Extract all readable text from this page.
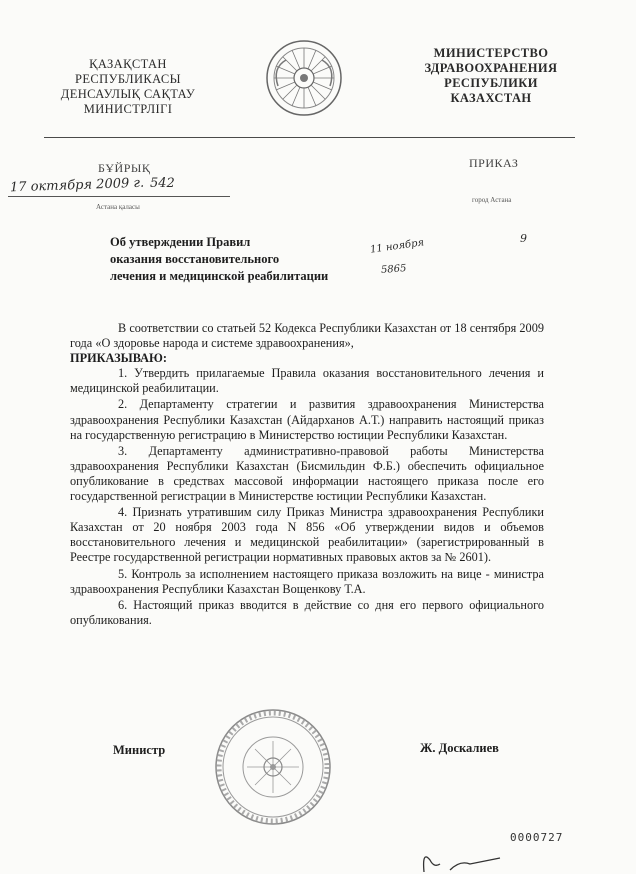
ҚАЗАҚСТАН
РЕСПУБЛИКАСЫ
ДЕНСАУЛЫҚ САҚТАУ
МИНИСТРЛІГІ
МИНИСТЕРСТВО
ЗДРАВООХРАНЕНИЯ
РЕСПУБЛИКИ
КАЗАХСТАН
БҰЙРЫҚ	ПРИКАЗ
17 октября 2009 г. 542
Астана қаласы
город Астана
Об утверждении Правил
оказания восстановительного
лечения и медицинской реабилитации
11 ноября
5865
9

В соответствии со статьей 52 Кодекса Республики Казахстан от 18 сентября 2009 года «О здоровье народа и системе здравоохранения»,

ПРИКАЗЫВАЮ:

1. Утвердить прилагаемые Правила оказания восстановительного лечения и медицинской реабилитации.

2. Департаменту стратегии и развития здравоохранения Министерства здравоохранения Республики Казахстан (Айдарханов А.Т.) направить настоящий приказ на государственную регистрацию в Министерство юстиции Республики Казахстан.

3. Департаменту административно-правовой работы Министерства здравоохранения Республики Казахстан (Бисмильдин Ф.Б.) обеспечить официальное опубликование в средствах массовой информации настоящего приказа после его государственной регистрации в Министерстве юстиции Республики Казахстан.

4. Признать утратившим силу Приказ Министра здравоохранения Республики Казахстан от 20 ноября 2003 года N 856 «Об утверждении видов и объемов восстановительного лечения и медицинской реабилитации» (зарегистрированный в Реестре государственной регистрации нормативных правовых актов за № 2601).

5. Контроль за исполнением настоящего приказа возложить на вице - министра здравоохранения Республики Казахстан Вощенкову Т.А.

6. Настоящий приказ вводится в действие со дня его первого официального опубликования.

Министр	Ж. Доскалиев
0000727
